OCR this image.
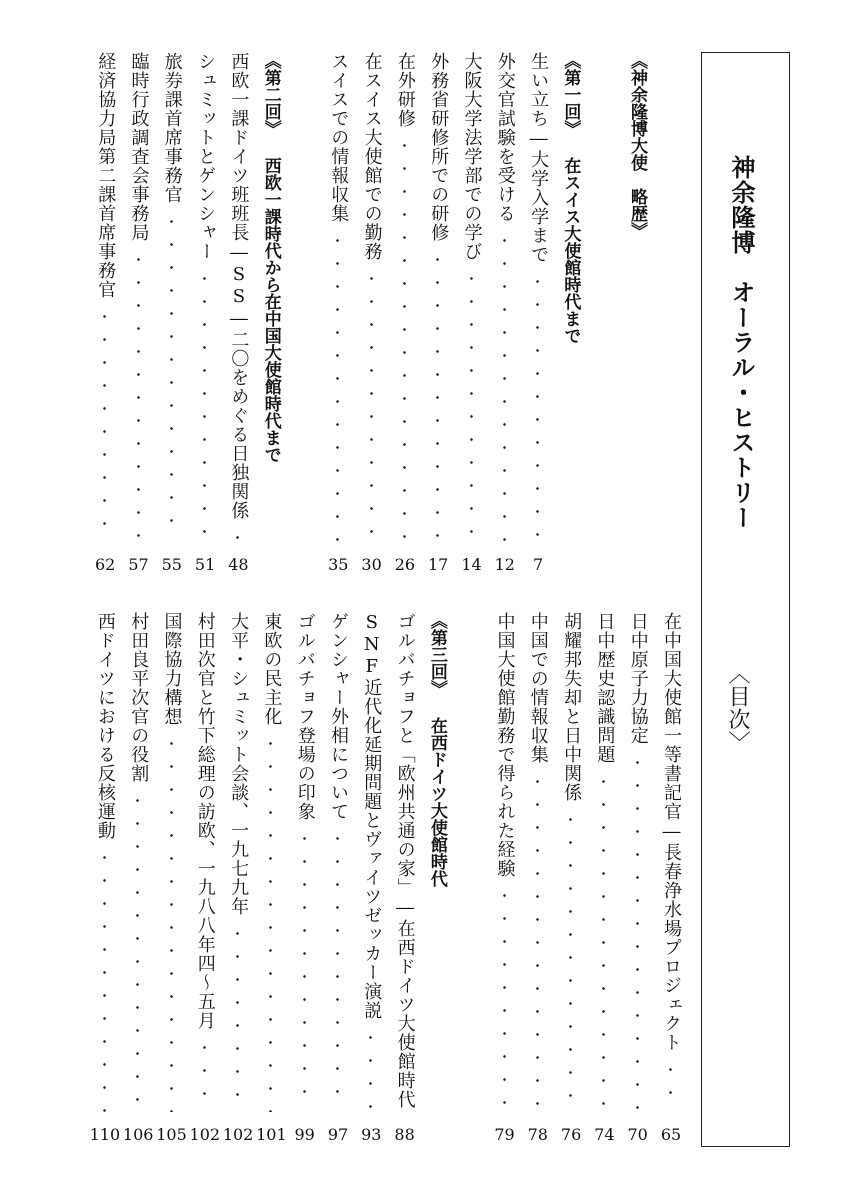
神余隆博　オーラル・ヒストリー
〈目次〉
《神余隆博大使　略歴》
《第一回》 在スイス大使館時代まで
生い立ち―大学入学まで
7
外交官試験を受ける
12
大阪大学法学部での学び
14
外務省研修所での研修
17
在外研修
26
在スイス大使館での勤務
30
スイスでの情報収集
35
《第二回》 西欧一課時代から在中国大使館時代まで
西欧一課ドイツ班班長―SS―二〇をめぐる日独関係
48
シュミットとゲンシャー
51
旅券課首席事務官
55
臨時行政調査会事務局
57
経済協力局第二課首席事務官
62
在中国大使館一等書記官―長春浄水場プロジェクト
65
日中原子力協定
70
日中歴史認識問題
74
胡耀邦失却と日中関係
76
中国での情報収集
78
中国大使館勤務で得られた経験
79
《第三回》 在西ドイツ大使館時代
ゴルバチョフと「欧州共通の家」―在西ドイツ大使館時代
88
SNF近代化延期問題とヴァイツゼッカー演説
93
ゲンシャー外相について
97
ゴルバチョフ登場の印象
99
東欧の民主化
101
大平・シュミット会談、一九七九年
102
村田次官と竹下総理の訪欧、一九八八年四～五月
102
国際協力構想
105
村田良平次官の役割
106
西ドイツにおける反核運動
110
